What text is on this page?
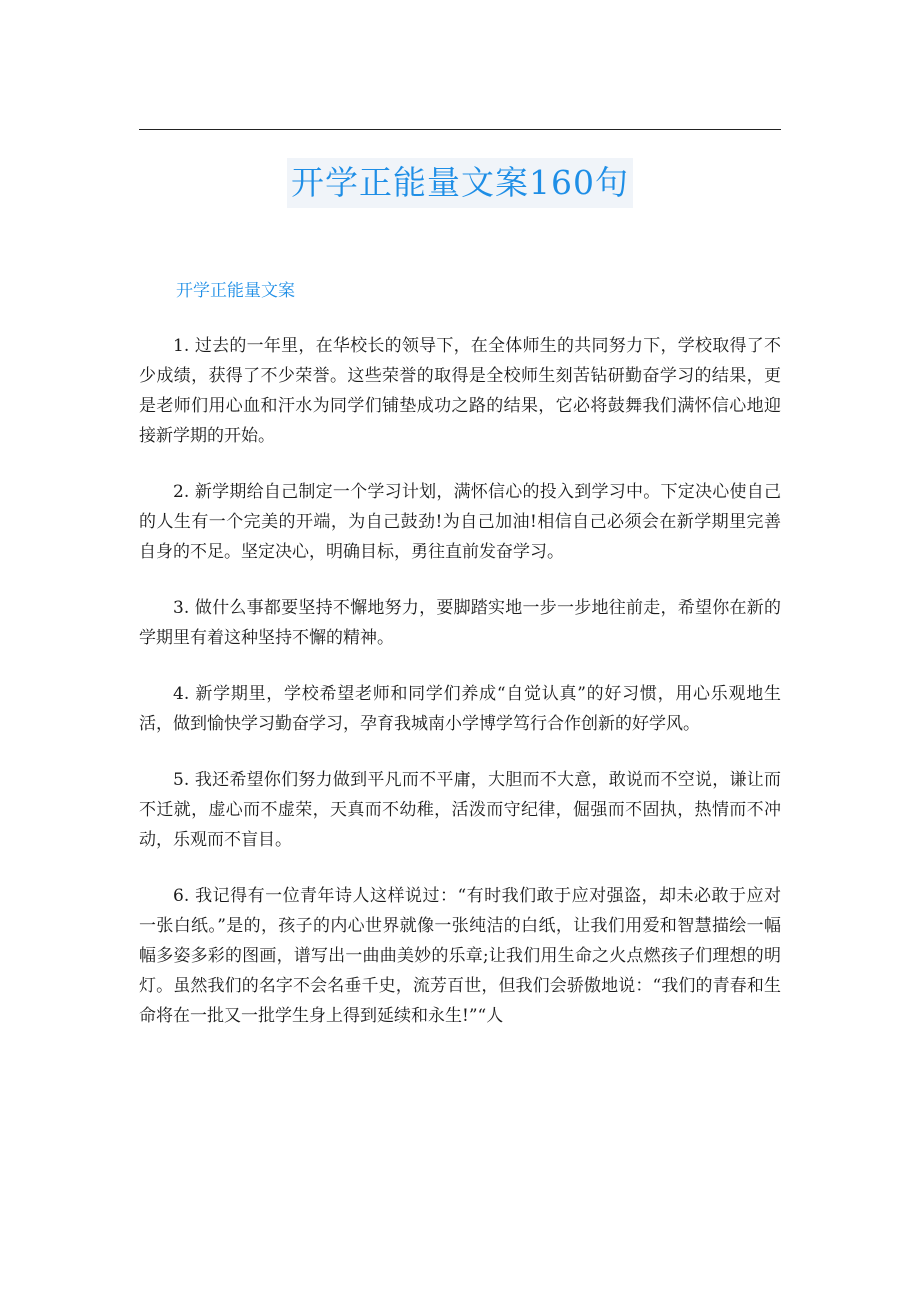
开学正能量文案160句
开学正能量文案

1. 过去的一年里，在华校长的领导下，在全体师生的共同努力下，学校取得了不少成绩，获得了不少荣誉。这些荣誉的取得是全校师生刻苦钻研勤奋学习的结果，更是老师们用心血和汗水为同学们铺垫成功之路的结果，它必将鼓舞我们满怀信心地迎接新学期的开始。

2. 新学期给自己制定一个学习计划，满怀信心的投入到学习中。下定决心使自己的人生有一个完美的开端，为自己鼓劲!为自己加油!相信自己必须会在新学期里完善自身的不足。坚定决心，明确目标，勇往直前发奋学习。

3. 做什么事都要坚持不懈地努力，要脚踏实地一步一步地往前走，希望你在新的学期里有着这种坚持不懈的精神。

4. 新学期里，学校希望老师和同学们养成“自觉认真”的好习惯，用心乐观地生活，做到愉快学习勤奋学习，孕育我城南小学博学笃行合作创新的好学风。

5. 我还希望你们努力做到平凡而不平庸，大胆而不大意，敢说而不空说，谦让而不迁就，虚心而不虚荣，天真而不幼稚，活泼而守纪律，倔强而不固执，热情而不冲动，乐观而不盲目。

6. 我记得有一位青年诗人这样说过：“有时我们敢于应对强盗，却未必敢于应对一张白纸。”是的，孩子的内心世界就像一张纯洁的白纸，让我们用爱和智慧描绘一幅幅多姿多彩的图画，谱写出一曲曲美妙的乐章;让我们用生命之火点燃孩子们理想的明灯。虽然我们的名字不会名垂千史，流芳百世，但我们会骄傲地说：“我们的青春和生命将在一批又一批学生身上得到延续和永生!”“人
